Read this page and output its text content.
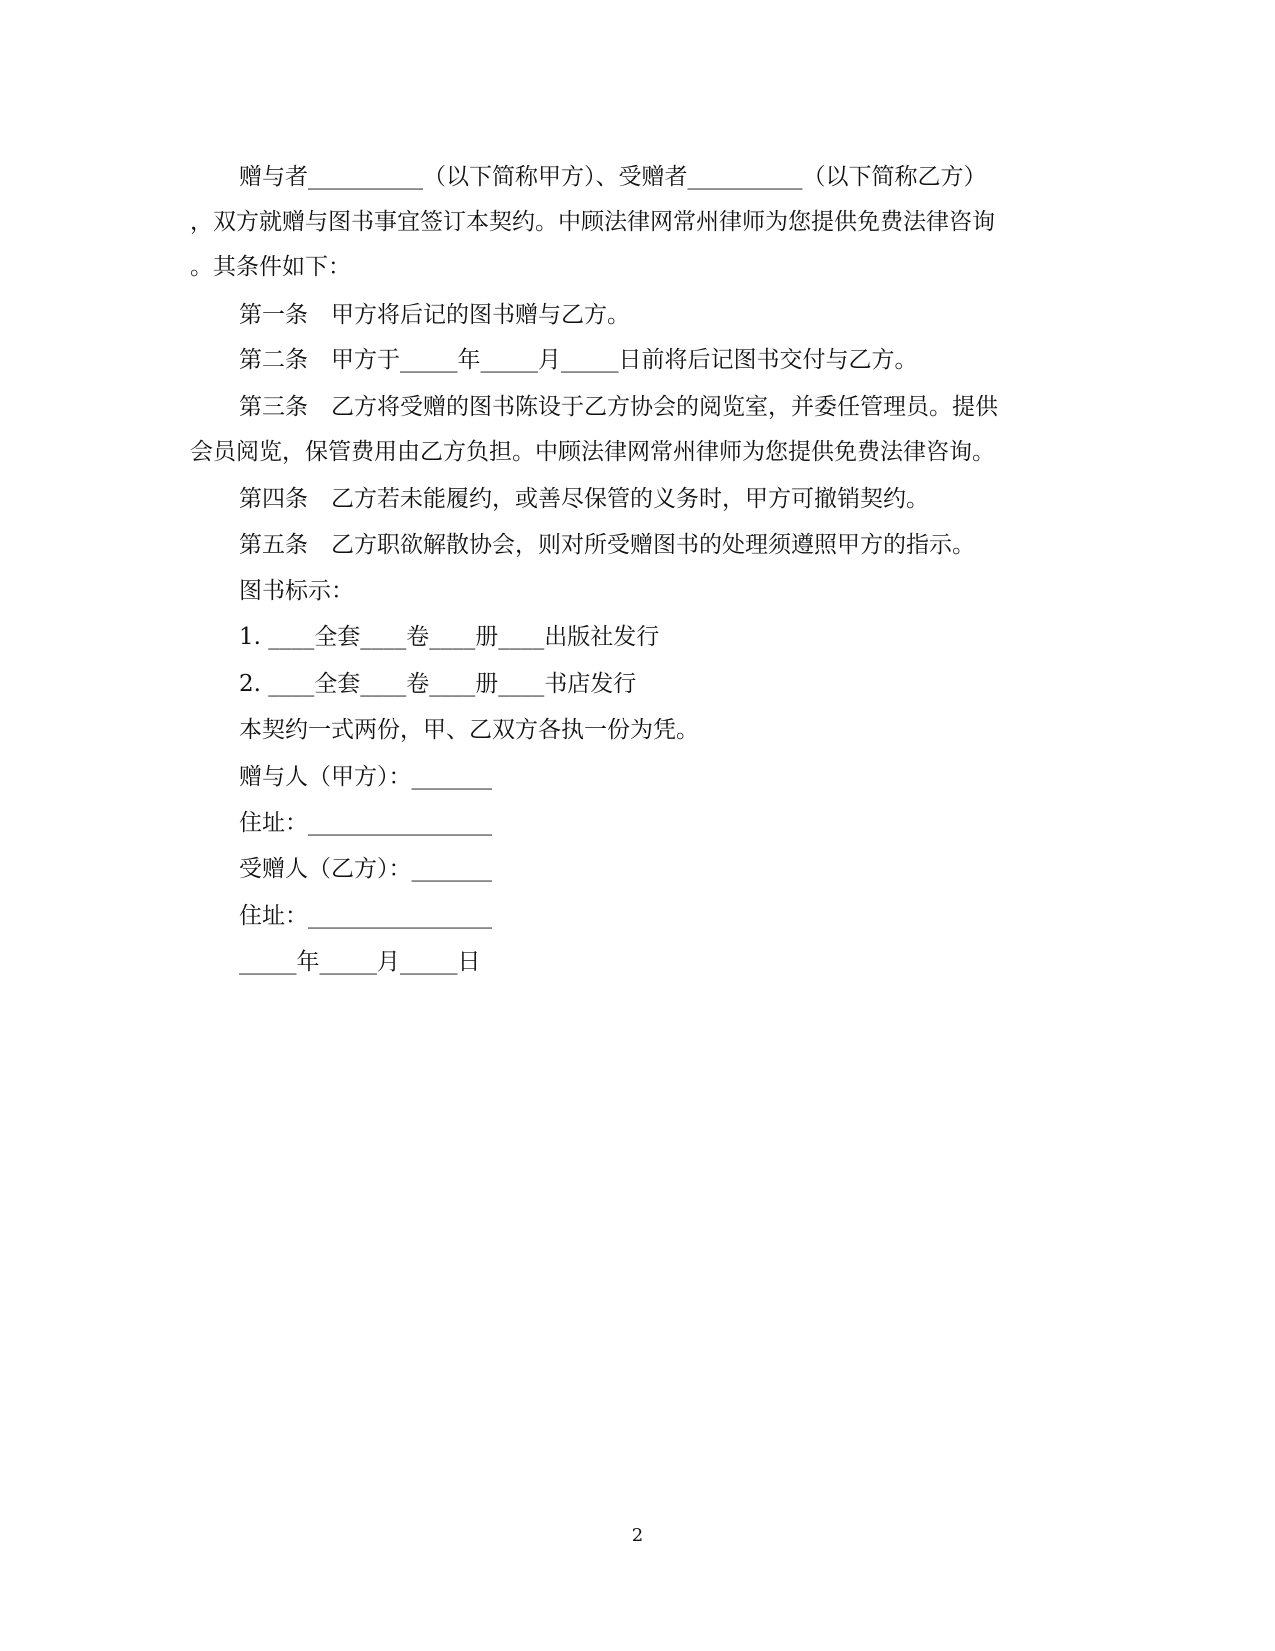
赠与者__________（以下简称甲方）、受赠者__________（以下简称乙方）
，双方就赠与图书事宜签订本契约。中顾法律网常州律师为您提供免费法律咨询
。其条件如下：
第一条　甲方将后记的图书赠与乙方。
第二条　甲方于_____年_____月_____日前将后记图书交付与乙方。
第三条　乙方将受赠的图书陈设于乙方协会的阅览室，并委任管理员。提供
会员阅览，保管费用由乙方负担。中顾法律网常州律师为您提供免费法律咨询。
第四条　乙方若未能履约，或善尽保管的义务时，甲方可撤销契约。
第五条　乙方职欲解散协会，则对所受赠图书的处理须遵照甲方的指示。
图书标示：
1. ____全套____卷____册____出版社发行
2. ____全套____卷____册____书店发行
本契约一式两份，甲、乙双方各执一份为凭。
赠与人（甲方）：_______
住址：________________
受赠人（乙方）：_______
住址：________________
_____年_____月_____日
2
